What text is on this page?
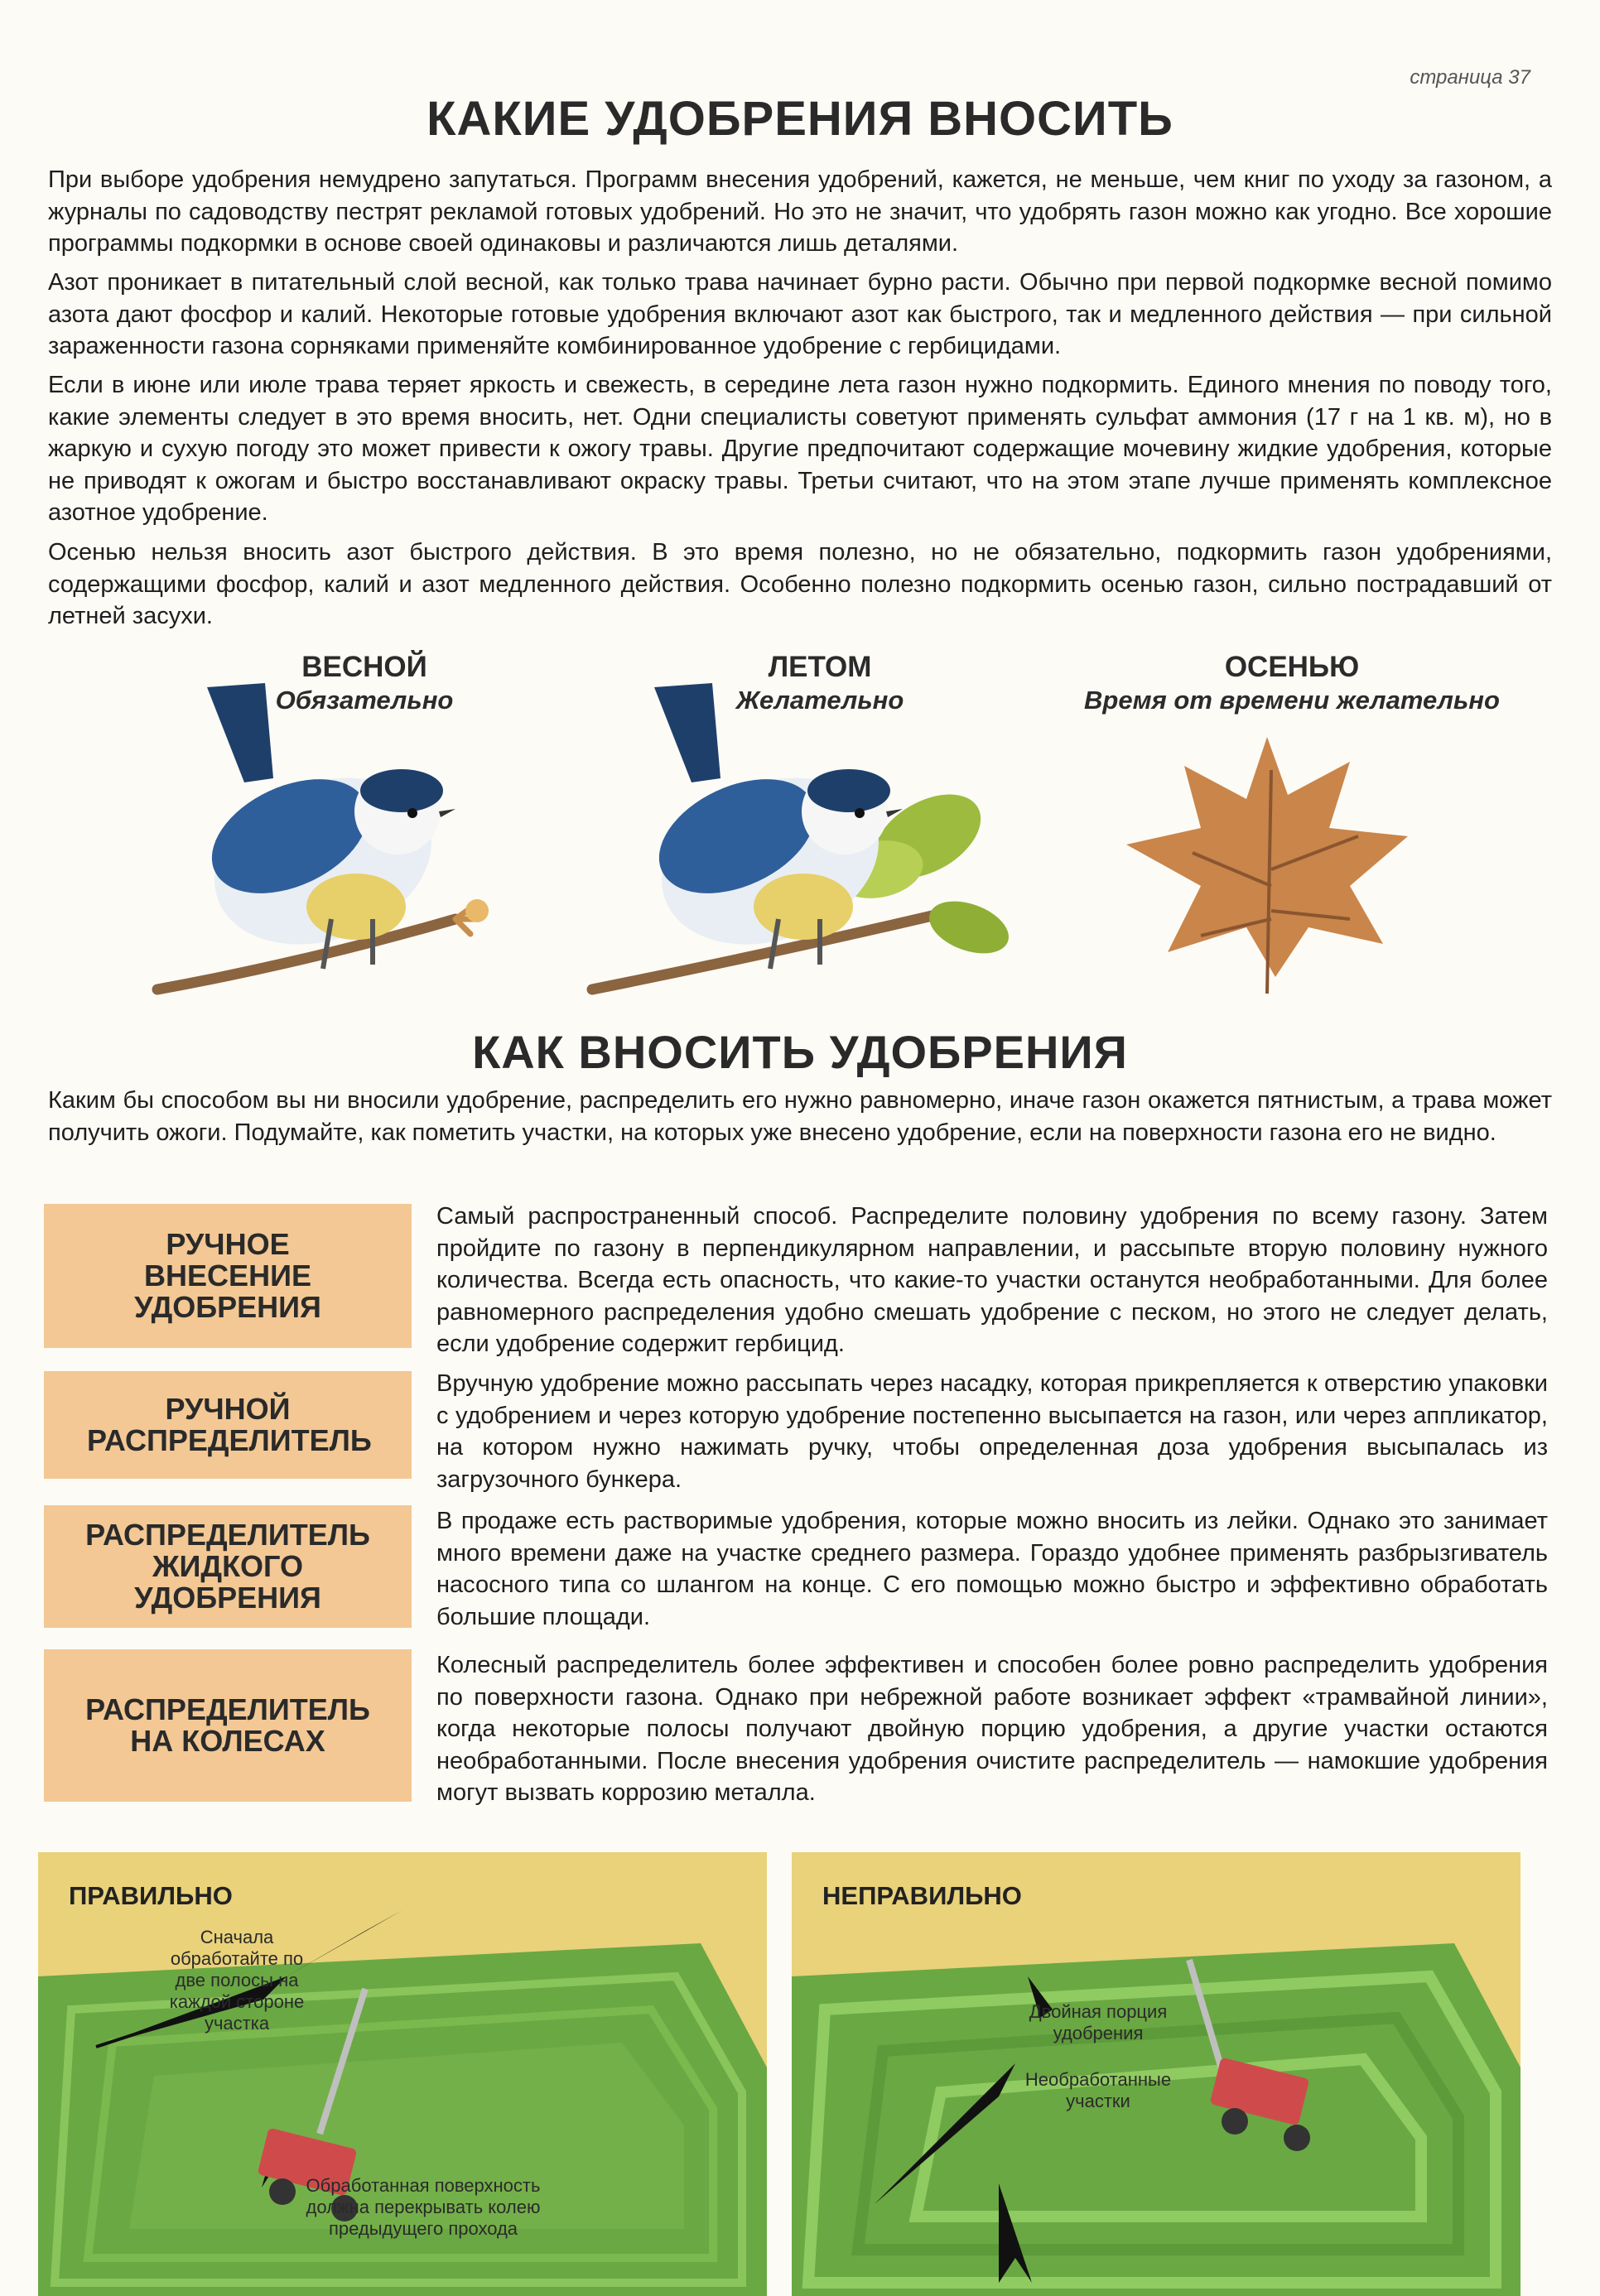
страница 37
КАКИЕ УДОБРЕНИЯ ВНОСИТЬ

При выборе удобрения немудрено запутаться. Программ внесения удобрений, кажется, не меньше, чем книг по уходу за газоном, а журналы по садоводству пестрят рекламой готовых удобрений. Но это не значит, что удобрять газон можно как угодно. Все хорошие программы подкормки в основе своей одинаковы и различаются лишь деталями.

Азот проникает в питательный слой весной, как только трава начинает бурно расти. Обычно при первой подкормке весной помимо азота дают фосфор и калий. Некоторые готовые удобрения включают азот как быстрого, так и медленного действия — при сильной зараженности газона сорняками применяйте комбинированное удобрение с гербицидами.

Если в июне или июле трава теряет яркость и свежесть, в середине лета газон нужно подкормить. Единого мнения по поводу того, какие элементы следует в это время вносить, нет. Одни специалисты советуют применять сульфат аммония (17 г на 1 кв. м), но в жаркую и сухую погоду это может привести к ожогу травы. Другие предпочитают содержащие мочевину жидкие удобрения, которые не приводят к ожогам и быстро восстанавливают окраску травы. Третьи считают, что на этом этапе лучше применять комплексное азотное удобрение.

Осенью нельзя вносить азот быстрого действия. В это время полезно, но не обязательно, подкормить газон удобрениями, содержащими фосфор, калий и азот медленного действия. Особенно полезно подкормить осенью газон, сильно пострадавший от летней засухи.

ВЕСНОЙ
Обязательно
ЛЕТОМ
Желательно
ОСЕНЬЮ
Время от времени желательно
КАК ВНОСИТЬ УДОБРЕНИЯ

Каким бы способом вы ни вносили удобрение, распределить его нужно равномерно, иначе газон окажется пятнистым, а трава может получить ожоги. Подумайте, как пометить участки, на которых уже внесено удобрение, если на поверхности газона его не видно.

РУЧНОЕ ВНЕСЕНИЕ УДОБРЕНИЯ

Самый распространенный способ. Распределите половину удобрения по всему газону. Затем пройдите по газону в перпендикулярном направлении, и рассыпьте вторую половину нужного количества. Всегда есть опасность, что какие-то участки останутся необработанными. Для более равномерного распределения удобно смешать удобрение с песком, но этого не следует делать, если удобрение содержит гербицид.

РУЧНОЙ РАСПРЕДЕЛИТЕЛЬ

Вручную удобрение можно рассыпать через насадку, которая прикрепляется к отверстию упаковки с удобрением и через которую удобрение постепенно высыпается на газон, или через аппликатор, на котором нужно нажимать ручку, чтобы определенная доза удобрения высыпалась из загрузочного бункера.

РАСПРЕДЕЛИТЕЛЬ ЖИДКОГО УДОБРЕНИЯ

В продаже есть растворимые удобрения, которые можно вносить из лейки. Однако это занимает много времени даже на участке среднего размера. Гораздо удобнее применять разбрызгиватель насосного типа со шлангом на конце. С его помощью можно быстро и эффективно обработать большие площади.

РАСПРЕДЕЛИТЕЛЬ НА КОЛЕСАХ

Колесный распределитель более эффективен и способен более ровно распределить удобрения по поверхности газона. Однако при небрежной работе возникает эффект «трамвайной линии», когда некоторые полосы получают двойную порцию удобрения, а другие участки остаются необработанными. После внесения удобрения очистите распределитель — намокшие удобрения могут вызвать коррозию металла.

ПРАВИЛЬНО
Сначала обработайте по две полосы на каждой стороне участка
Обработанная поверхность должна перекрывать колею предыдущего прохода
НЕПРАВИЛЬНО
Двойная порция удобрения
Необработанные участки
